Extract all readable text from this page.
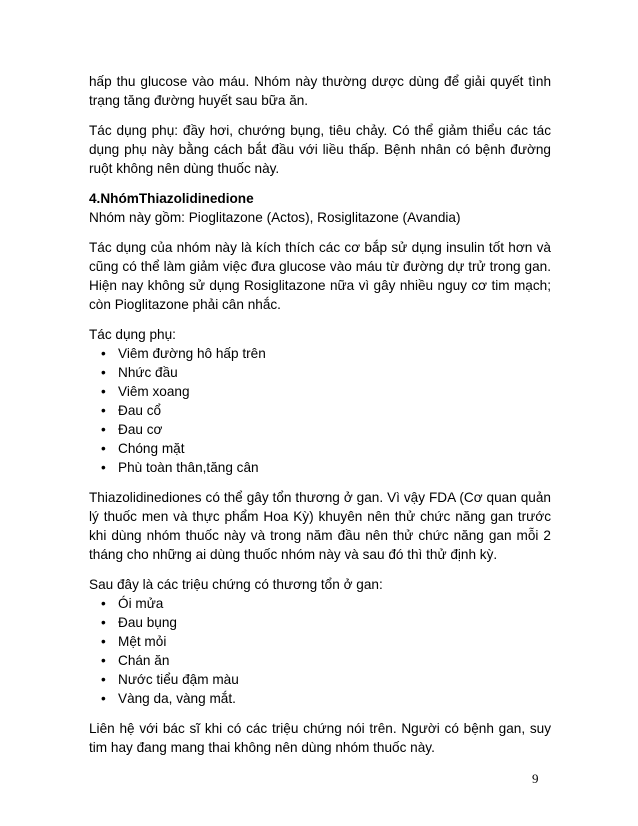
hấp thu glucose vào máu. Nhóm này thường dược dùng để giải quyết tình trạng tăng đường huyết sau bữa ăn.

Tác dụng phụ: đầy hơi, chướng bụng, tiêu chảy. Có thể giảm thiểu các tác dụng phụ này bằng cách bắt đầu với liều thấp. Bệnh nhân có bệnh đường ruột không nên dùng thuốc này.

4.NhómThiazolidinedione

Nhóm này gồm: Pioglitazone (Actos), Rosiglitazone (Avandia)

Tác dụng của nhóm này là kích thích các cơ bắp sử dụng insulin tốt hơn và cũng có thể làm giảm việc đưa glucose vào máu từ đường dự trử trong gan. Hiện nay không sử dụng Rosiglitazone nữa vì gây nhiều nguy cơ tim mạch; còn Pioglitazone phải cân nhắc.

Tác dụng phụ:

• Viêm đường hô hấp trên
• Nhức đầu
• Viêm xoang
• Đau cổ
• Đau cơ
• Chóng mặt
• Phù toàn thân,tăng cân

Thiazolidinediones có thể gây tổn thương ở gan. Vì vậy FDA (Cơ quan quản lý thuốc men và thực phẩm Hoa Kỳ) khuyên nên thử chức năng gan trước khi dùng nhóm thuốc này và trong năm đầu nên thử chức năng gan mỗi 2 tháng cho những ai dùng thuốc nhóm này và sau đó thì thử định kỳ.

Sau đây là các triệu chứng có thương tổn ở gan:

• Ói mửa
• Đau bụng
• Mệt mỏi
• Chán ăn
• Nước tiểu đậm màu
• Vàng da, vàng mắt.

Liên hệ với bác sĩ khi có các triệu chứng nói trên. Người có bệnh gan, suy tim hay đang mang thai không nên dùng nhóm thuốc này.

9
